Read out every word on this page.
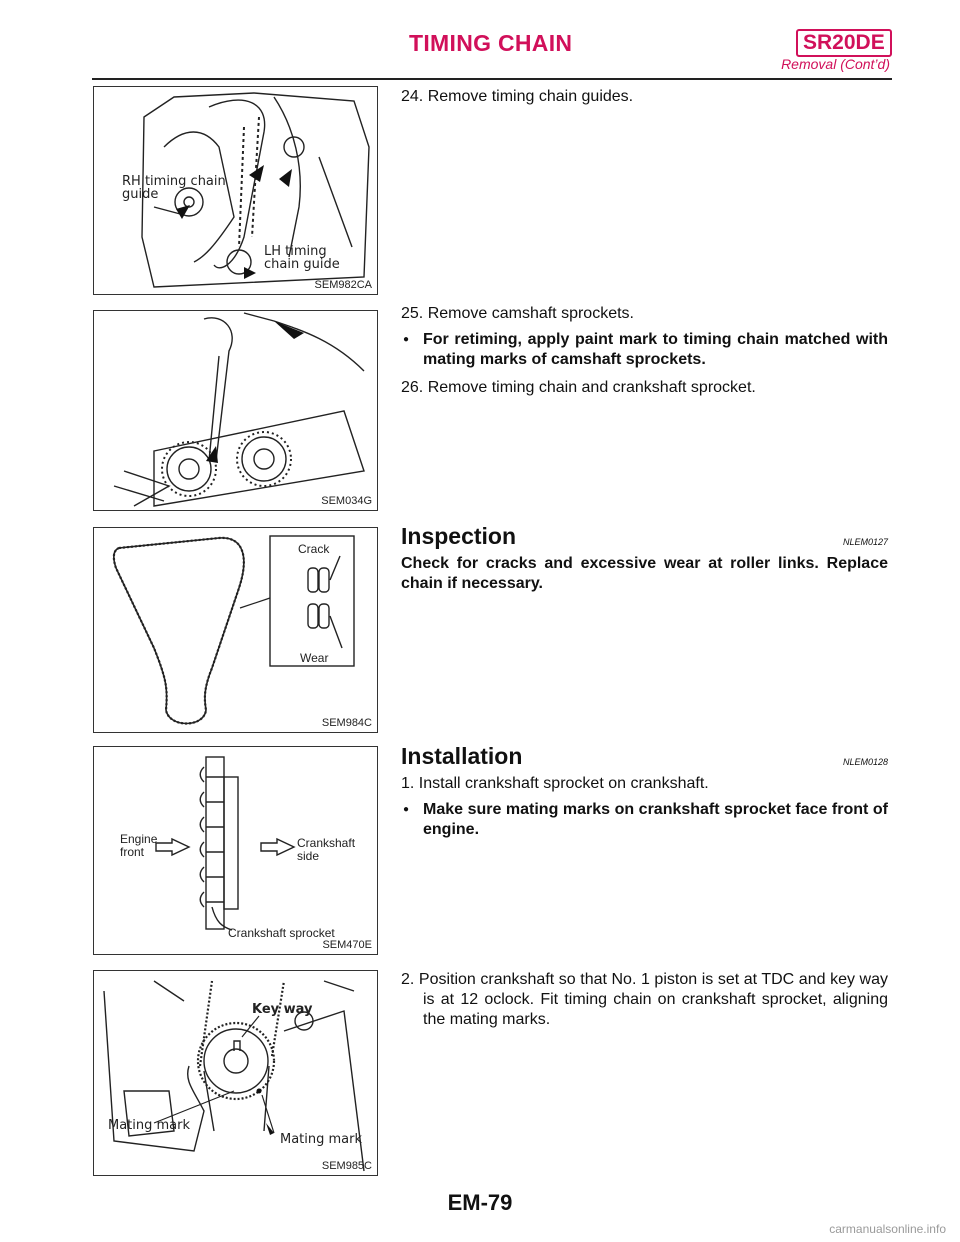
TIMING CHAIN	SR20DE
Removal (Cont’d)
RH timing chain guide
LH timing chain guide
SEM982CA
SEM034G
Crack
Wear
SEM984C
Engine front
Crankshaft side
Crankshaft sprocket
SEM470E
Key way
Mating mark
Mating mark
SEM985C

24. Remove timing chain guides.

25. Remove camshaft sprockets.

● For retiming, apply paint mark to timing chain matched with mating marks of camshaft sprockets.

26. Remove timing chain and crankshaft sprocket.

Inspection	NLEM0127

Check for cracks and excessive wear at roller links. Replace chain if necessary.

Installation	NLEM0128

1. Install crankshaft sprocket on crankshaft.

● Make sure mating marks on crankshaft sprocket face front of engine.

2. Position crankshaft so that No. 1 piston is set at TDC and key way is at 12 oclock. Fit timing chain on crankshaft sprocket, aligning the mating marks.

EM-79
carmanualsonline.info
